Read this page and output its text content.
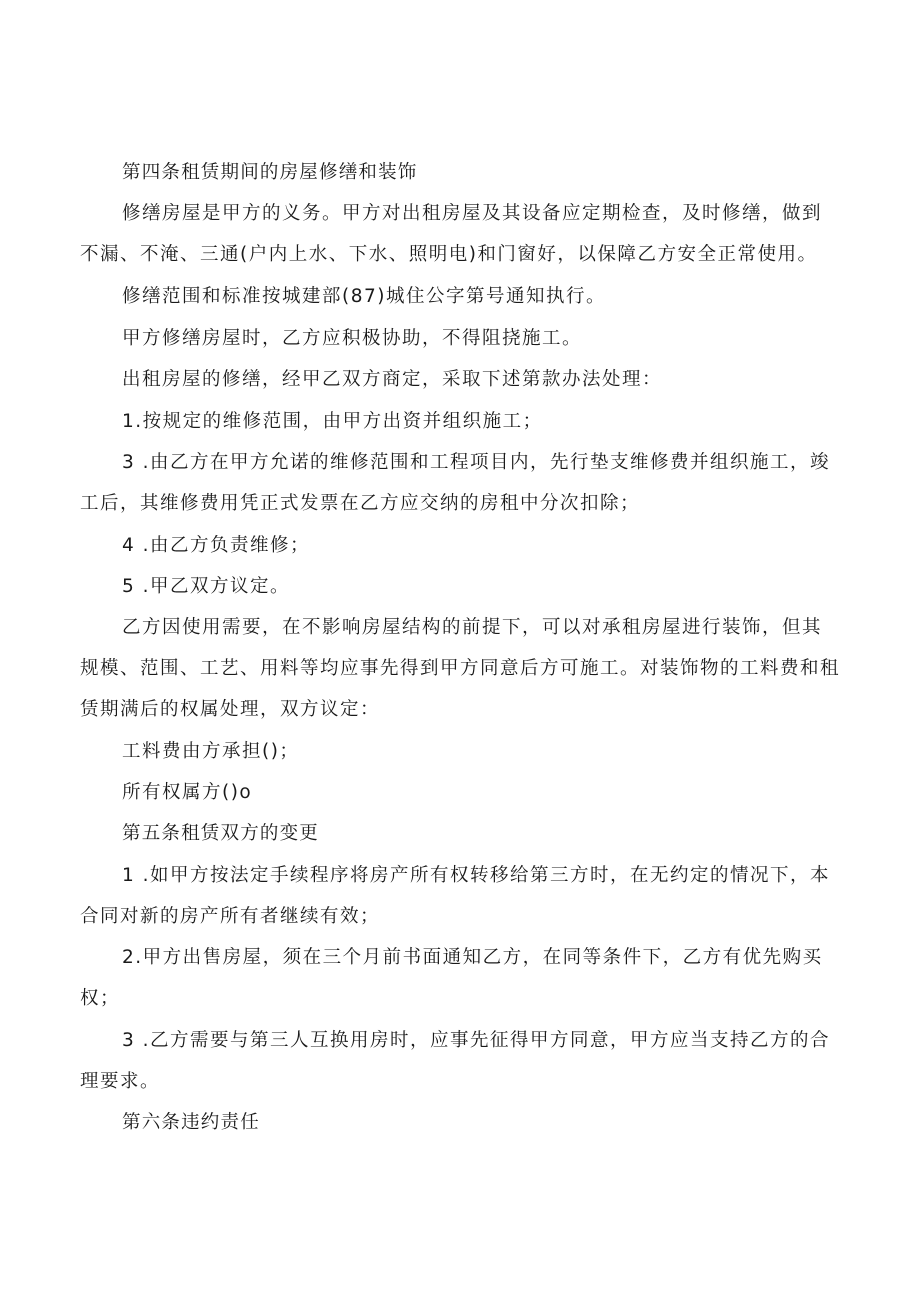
第四条租赁期间的房屋修缮和装饰

修缮房屋是甲方的义务。甲方对出租房屋及其设备应定期检查，及时修缮，做到不漏、不淹、三通(户内上水、下水、照明电)和门窗好，以保障乙方安全正常使用。

修缮范围和标准按城建部(87)城住公字第号通知执行。

甲方修缮房屋时，乙方应积极协助，不得阻挠施工。

出租房屋的修缮，经甲乙双方商定，采取下述第款办法处理：

1.按规定的维修范围，由甲方出资并组织施工；

3 .由乙方在甲方允诺的维修范围和工程项目内，先行垫支维修费并组织施工，竣工后，其维修费用凭正式发票在乙方应交纳的房租中分次扣除；

4 .由乙方负责维修；

5 .甲乙双方议定。

乙方因使用需要，在不影响房屋结构的前提下，可以对承租房屋进行装饰，但其规模、范围、工艺、用料等均应事先得到甲方同意后方可施工。对装饰物的工料费和租赁期满后的权属处理，双方议定：

工料费由方承担()；

所有权属方()o

第五条租赁双方的变更

1 .如甲方按法定手续程序将房产所有权转移给第三方时，在无约定的情况下，本合同对新的房产所有者继续有效；

2.甲方出售房屋，须在三个月前书面通知乙方，在同等条件下，乙方有优先购买权；

3 .乙方需要与第三人互换用房时，应事先征得甲方同意，甲方应当支持乙方的合理要求。

第六条违约责任
